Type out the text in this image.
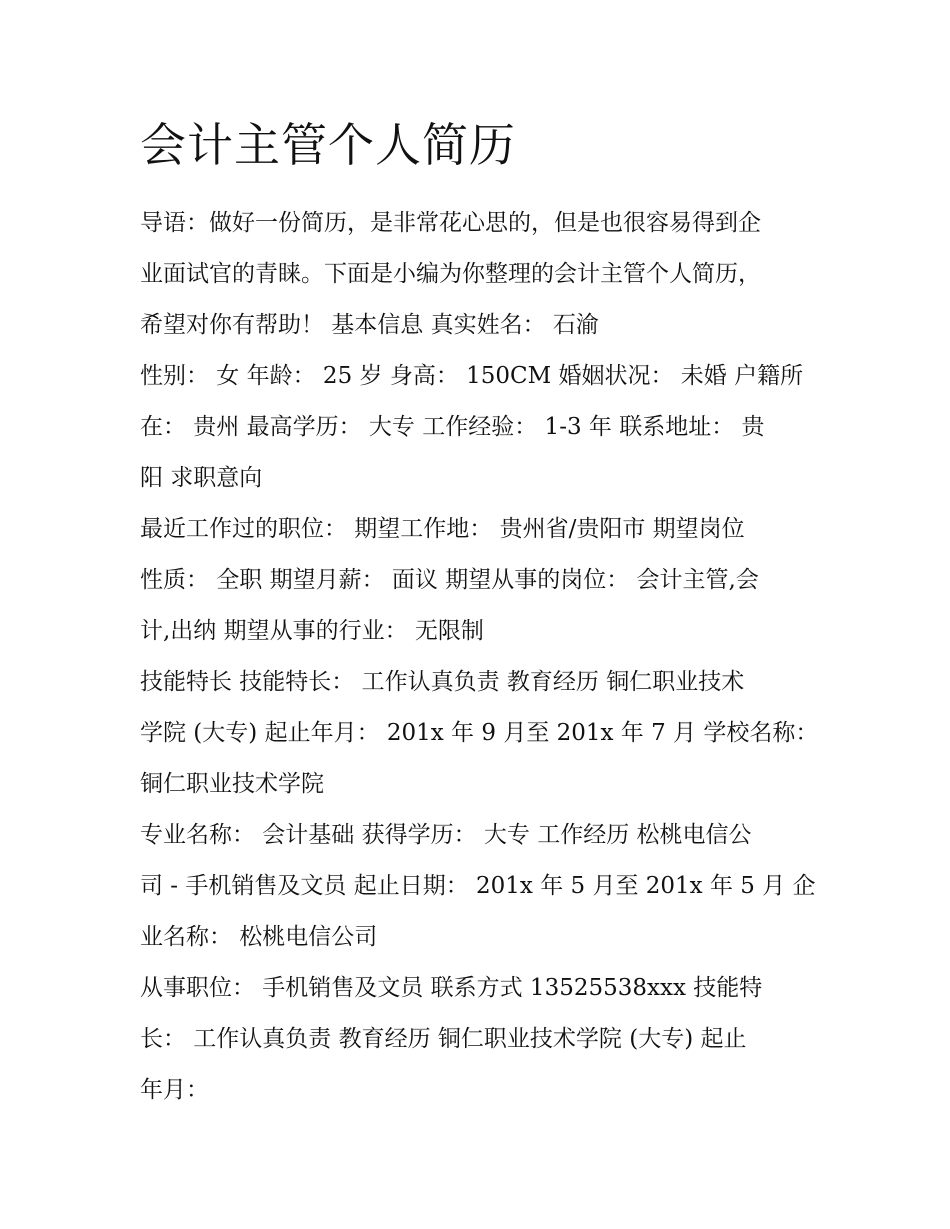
会计主管个人简历

导语：做好一份简历，是非常花心思的，但是也很容易得到企
业面试官的青睐。下面是小编为你整理的会计主管个人简历，
希望对你有帮助！ 基本信息 真实姓名： 石渝

性别： 女 年龄： 25 岁 身高： 150CM 婚姻状况： 未婚 户籍所
在： 贵州 最高学历： 大专 工作经验： 1-3 年 联系地址： 贵
阳 求职意向

最近工作过的职位： 期望工作地： 贵州省/贵阳市 期望岗位
性质： 全职 期望月薪： 面议 期望从事的岗位： 会计主管,会
计,出纳 期望从事的行业： 无限制

技能特长 技能特长： 工作认真负责 教育经历 铜仁职业技术
学院 (大专) 起止年月： 201x 年 9 月至 201x 年 7 月 学校名称：
铜仁职业技术学院

专业名称： 会计基础 获得学历： 大专 工作经历 松桃电信公
司 - 手机销售及文员 起止日期： 201x 年 5 月至 201x 年 5 月 企
业名称： 松桃电信公司

从事职位： 手机销售及文员 联系方式 13525538xxx 技能特
长： 工作认真负责 教育经历 铜仁职业技术学院 (大专) 起止
年月：
